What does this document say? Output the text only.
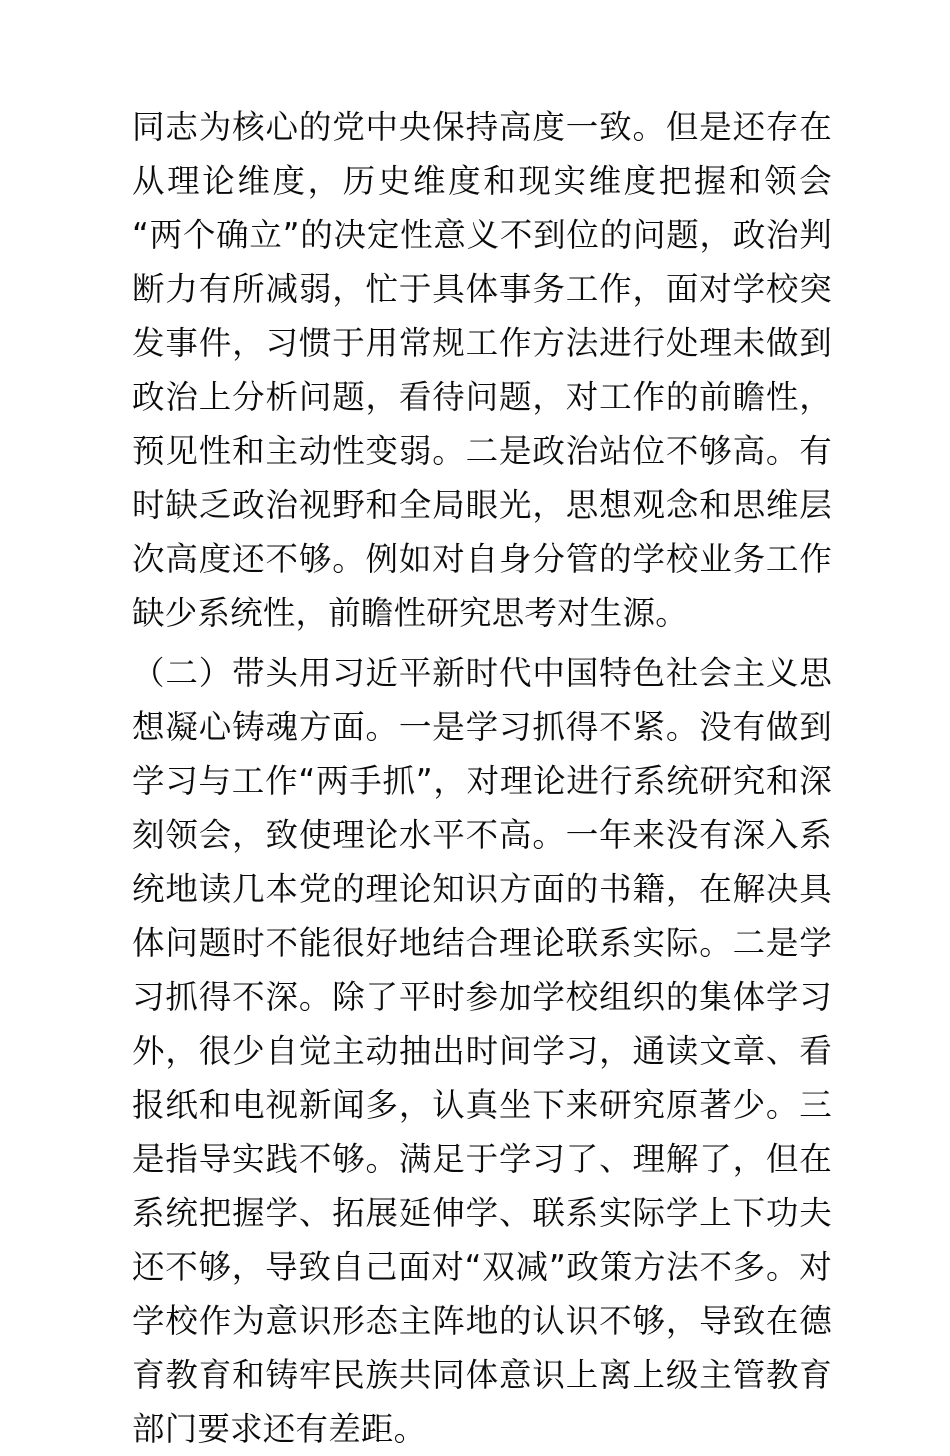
同志为核心的党中央保持高度一致。但是还存在从理论维度，历史维度和现实维度把握和领会“两个确立”的决定性意义不到位的问题，政治判断力有所减弱，忙于具体事务工作，面对学校突发事件，习惯于用常规工作方法进行处理未做到政治上分析问题，看待问题，对工作的前瞻性，预见性和主动性变弱。二是政治站位不够高。有时缺乏政治视野和全局眼光，思想观念和思维层次高度还不够。例如对自身分管的学校业务工作缺少系统性，前瞻性研究思考对生源。

（二）带头用习近平新时代中国特色社会主义思想凝心铸魂方面。一是学习抓得不紧。没有做到学习与工作“两手抓”，对理论进行系统研究和深刻领会，致使理论水平不高。一年来没有深入系统地读几本党的理论知识方面的书籍，在解决具体问题时不能很好地结合理论联系实际。二是学习抓得不深。除了平时参加学校组织的集体学习外，很少自觉主动抽出时间学习，通读文章、看报纸和电视新闻多，认真坐下来研究原著少。三是指导实践不够。满足于学习了、理解了，但在系统把握学、拓展延伸学、联系实际学上下功夫还不够，导致自己面对“双减”政策方法不多。对学校作为意识形态主阵地的认识不够，导致在德育教育和铸牢民族共同体意识上离上级主管教育部门要求还有差距。
